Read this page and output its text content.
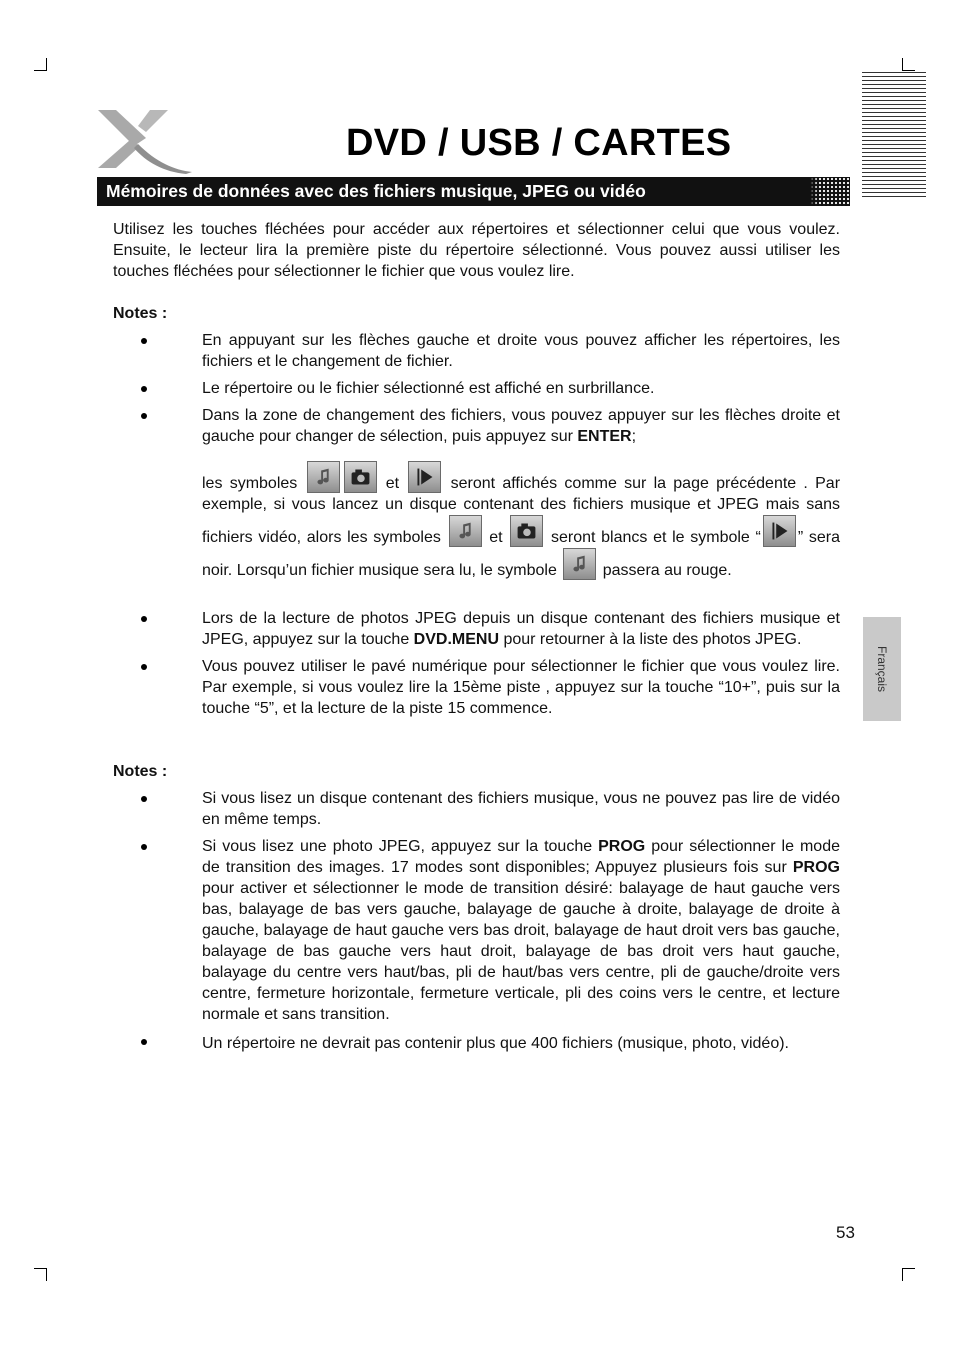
DVD / USB / CARTES
Mémoires de données avec des fichiers musique, JPEG ou vidéo
Français

Utilisez les touches fléchées pour accéder aux répertoires et sélectionner celui que vous voulez. Ensuite, le lecteur lira la première piste du répertoire sélectionné. Vous pouvez aussi utiliser les touches fléchées pour sélectionner le fichier que vous voulez lire.

Notes :

En appuyant sur les flèches gauche et droite vous pouvez afficher les répertoires, les fichiers et le changement de fichier.
Le répertoire ou le fichier sélectionné est affiché en surbrillance.
Dans la zone de changement des fichiers, vous pouvez appuyer sur les flèches droite et gauche pour changer de sélection, puis appuyez sur ENTER;
les symboles	et
seront affichés comme sur la page précédente . Par exemple, si vous lancez un disque contenant des fichiers musique et JPEG mais sans fichiers vidéo, alors les symboles
et
seront blancs et le symbole “ ” sera noir. Lorsqu’un fichier musique sera lu, le symbole
passera au rouge.
Lors de la lecture de photos JPEG depuis un disque contenant des fichiers musique et JPEG, appuyez sur la touche DVD.MENU pour retourner à la liste des photos JPEG.
Vous pouvez utiliser le pavé numérique pour sélectionner le fichier que vous voulez lire. Par exemple, si vous voulez lire la 15ème piste , appuyez sur la touche “10+”, puis sur la touche “5”, et la lecture de la piste 15 commence.

Notes :

Si vous lisez un disque contenant des fichiers musique, vous ne pouvez pas lire de vidéo en même temps.
Si vous lisez une photo JPEG, appuyez sur la touche PROG pour sélectionner le mode de transition des images. 17 modes sont disponibles; Appuyez plusieurs fois sur PROG pour activer et sélectionner le mode de transition désiré: balayage de haut gauche vers bas, balayage de bas vers gauche, balayage de gauche à droite, balayage de droite à gauche, balayage de haut gauche vers bas droit, balayage de haut droit vers bas gauche, balayage de bas gauche vers haut droit, balayage de bas droit vers haut gauche, balayage du centre vers haut/bas, pli de haut/bas vers centre, pli de gauche/droite vers centre, fermeture horizontale, fermeture verticale, pli des coins vers le centre, et lecture normale et sans transition.
Un répertoire ne devrait pas contenir plus que 400 fichiers (musique, photo, vidéo).

53
